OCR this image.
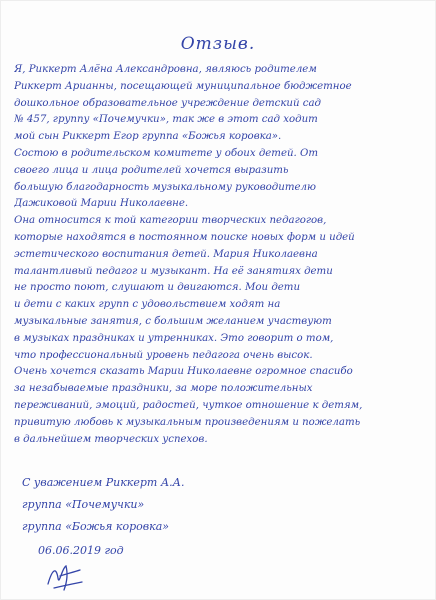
Отзыв.
Я, Риккерт Алёна Александровна, являюсь родителем
Риккерт Арианны, посещающей муниципальное бюджетное
дошкольное образовательное учреждение детский сад
№ 457, группу «Почемучки», так же в этот сад ходит
мой сын Риккерт Егор группа «Божья коровка».
Состою в родительском комитете у обоих детей. От
своего лица и лица родителей хочется выразить
большую благодарность музыкальному руководителю
Дажиковой Марии Николаевне.
Она относится к той категории творческих педагогов,
которые находятся в постоянном поиске новых форм и идей
эстетического воспитания детей. Мария Николаевна
талантливый педагог и музыкант. На её занятиях дети
не просто поют, слушают и двигаются. Мои дети
и дети с каких групп с удовольствием ходят на
музыкальные занятия, с большим желанием участвуют
в музыках праздниках и утренниках. Это говорит о том,
что профессиональный уровень педагога очень высок.
Очень хочется сказать Марии Николаевне огромное спасибо
за незабываемые праздники, за море положительных
переживаний, эмоций, радостей, чуткое отношение к детям,
привитую любовь к музыкальным произведениям и пожелать
в дальнейшем творческих успехов.
С уважением Риккерт А.А.
группа «Почемучки»
группа «Божья коровка»
06.06.2019 год
